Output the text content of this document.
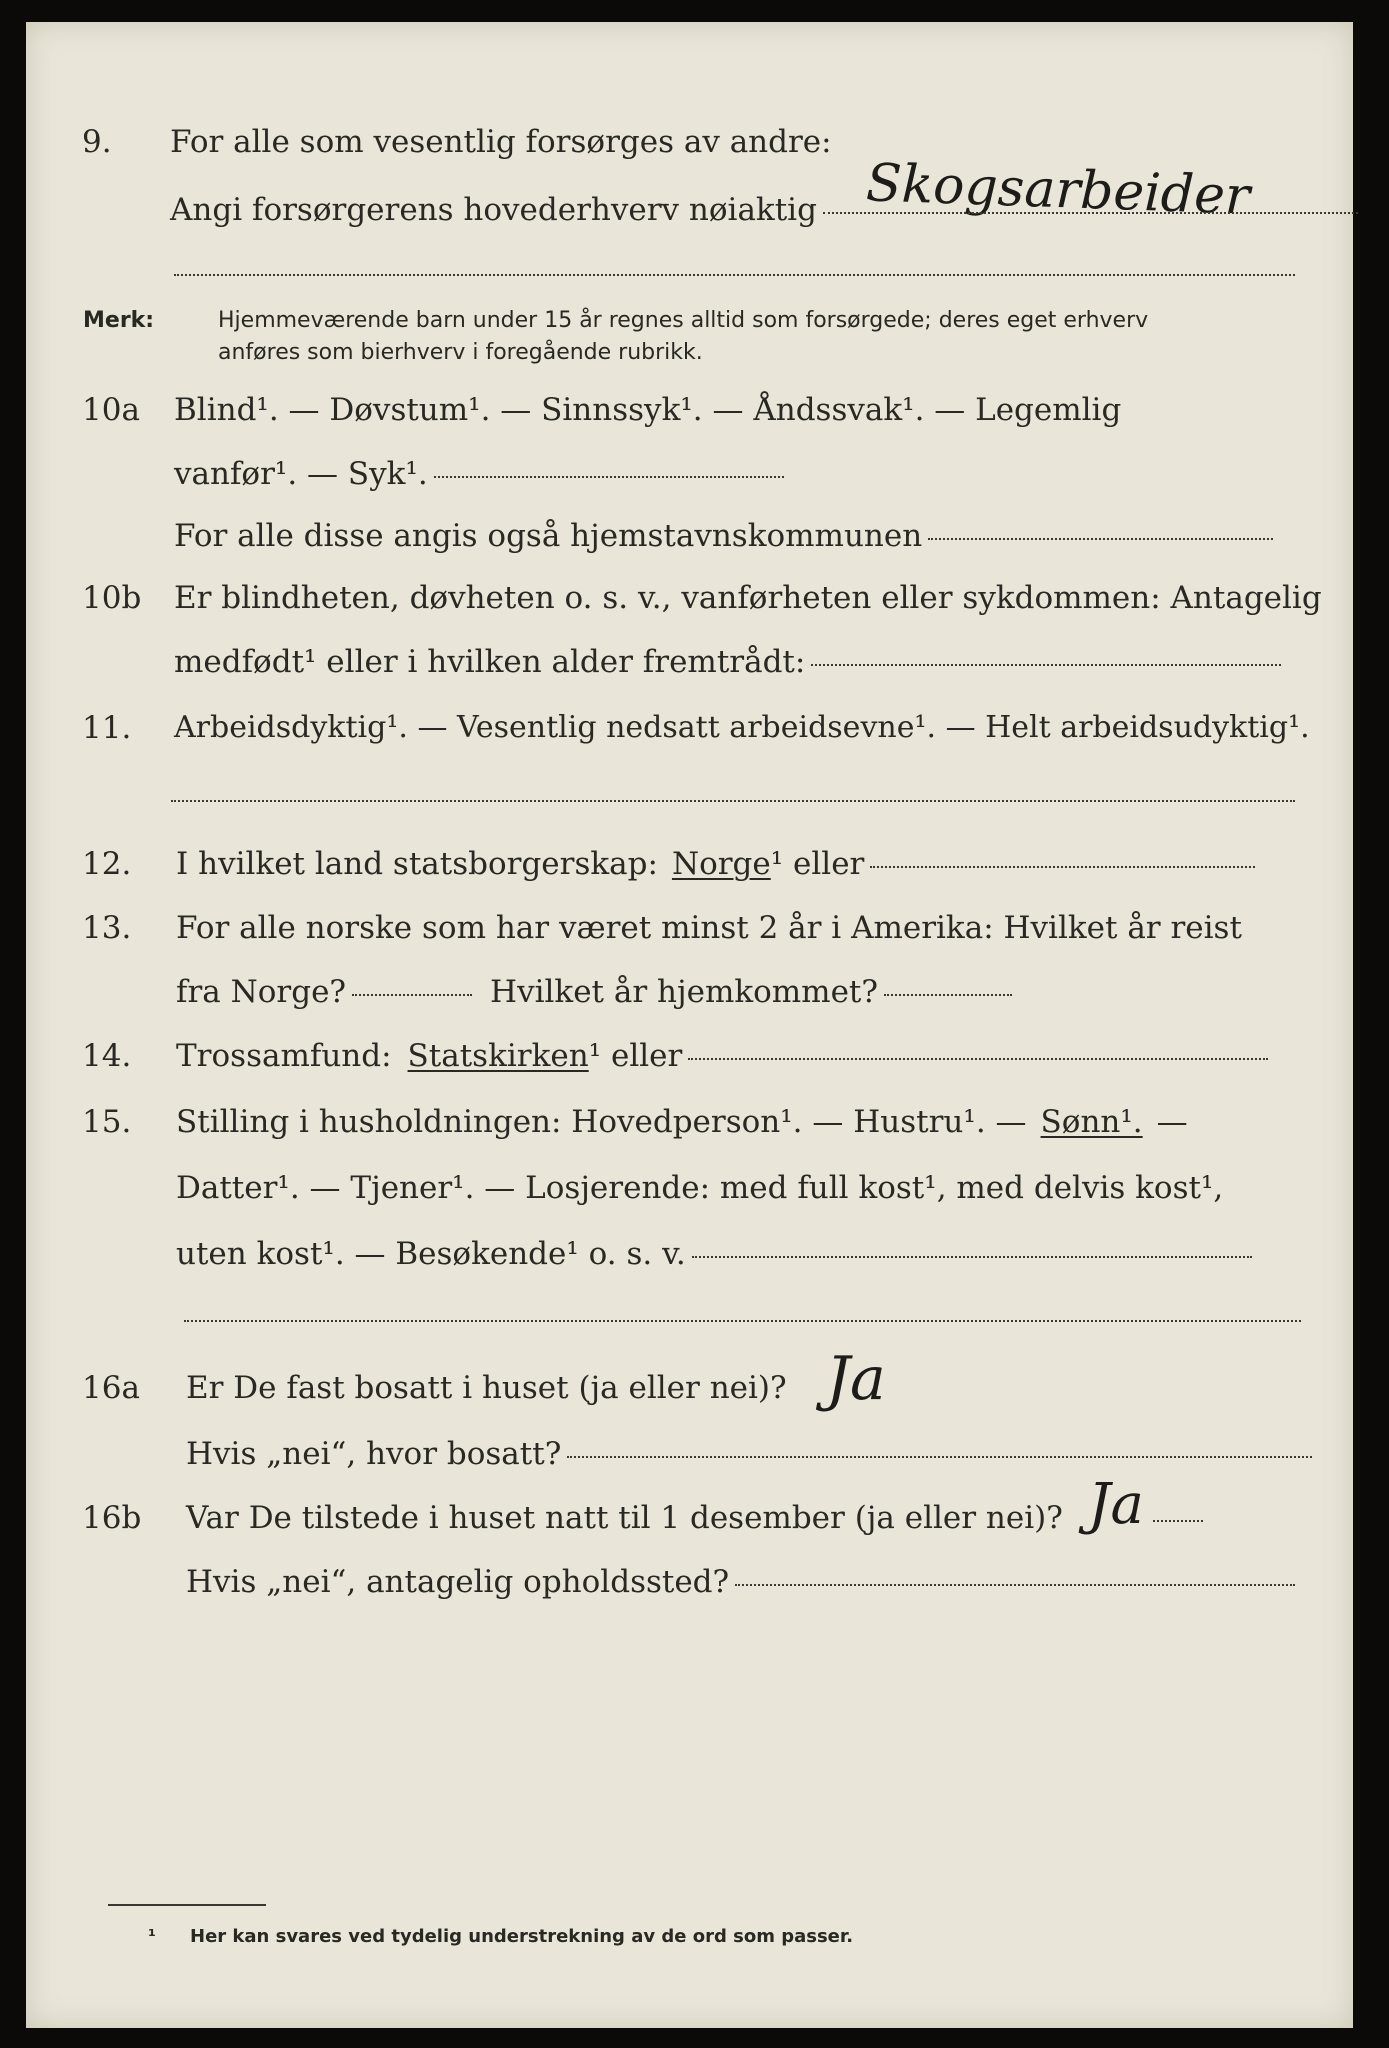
9. For alle som vesentlig forsørges av andre:
Skogsarbeider
Angi forsørgerens hovederhverv nøiaktig
Merk:	Hjemmeværende barn under 15 år regnes alltid som forsørgede; deres eget erhverv
anføres som bierhverv i foregående rubrikk.
10a Blind¹. — Døvstum¹. — Sinnssyk¹. — Åndssvak¹. — Legemlig
vanfør¹. — Syk¹.
For alle disse angis også hjemstavnskommunen
10b Er blindheten, døvheten o. s. v., vanførheten eller sykdommen: Antagelig
medfødt¹ eller i hvilken alder fremtrådt:
11. Arbeidsdyktig¹. — Vesentlig nedsatt arbeidsevne¹. — Helt arbeidsudyktig¹.
12. I hvilket land statsborgerskap: Norge ¹ eller
13. For alle norske som har været minst 2 år i Amerika: Hvilket år reist
fra Norge?	Hvilket år hjemkommet?
14. Trossamfund: Statskirken ¹ eller
15. Stilling i husholdningen: Hovedperson¹. — Hustru¹. — Sønn¹. —
Datter¹. — Tjener¹. — Losjerende: med full kost¹, med delvis kost¹,
uten kost¹. — Besøkende¹ o. s. v.
16a Er De fast bosatt i huset (ja eller nei)? Ja
Hvis „nei“, hvor bosatt?
16b Var De tilstede i huset natt til 1 desember (ja eller nei)? Ja
Hvis „nei“, antagelig opholdssted?
¹ Her kan svares ved tydelig understrekning av de ord som passer.
